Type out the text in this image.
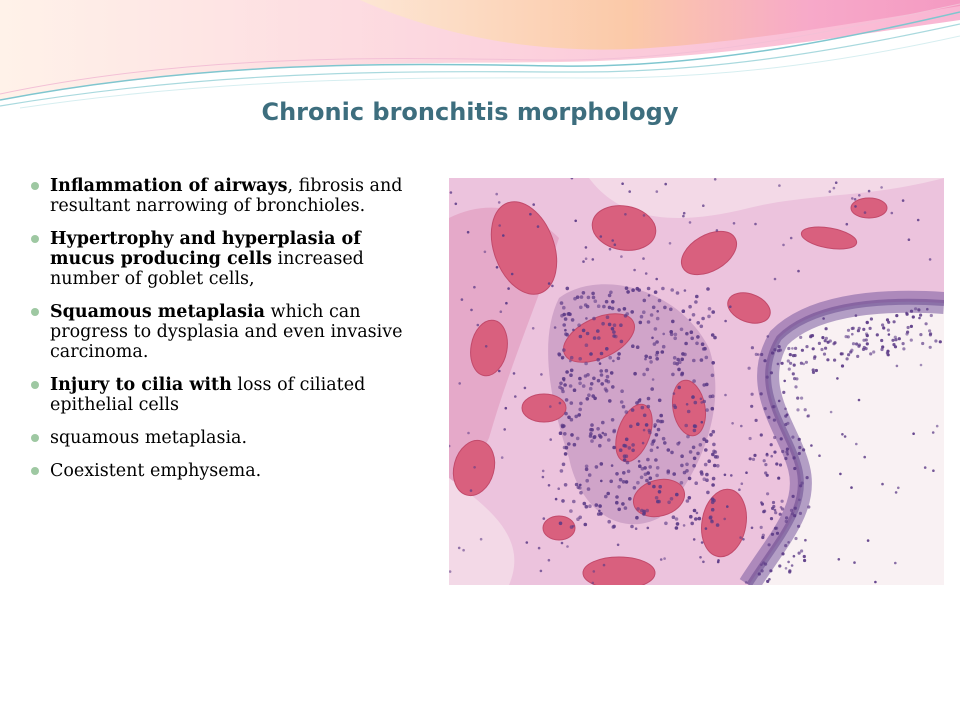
Chronic bronchitis morphology
Inflammation of airways, fibrosis and resultant narrowing of bronchioles.
Hypertrophy and hyperplasia of mucus producing cells increased number of goblet cells,
Squamous metaplasia which can progress to dysplasia and even invasive carcinoma.
Injury to cilia with loss of ciliated epithelial cells
squamous metaplasia.
Coexistent emphysema.
